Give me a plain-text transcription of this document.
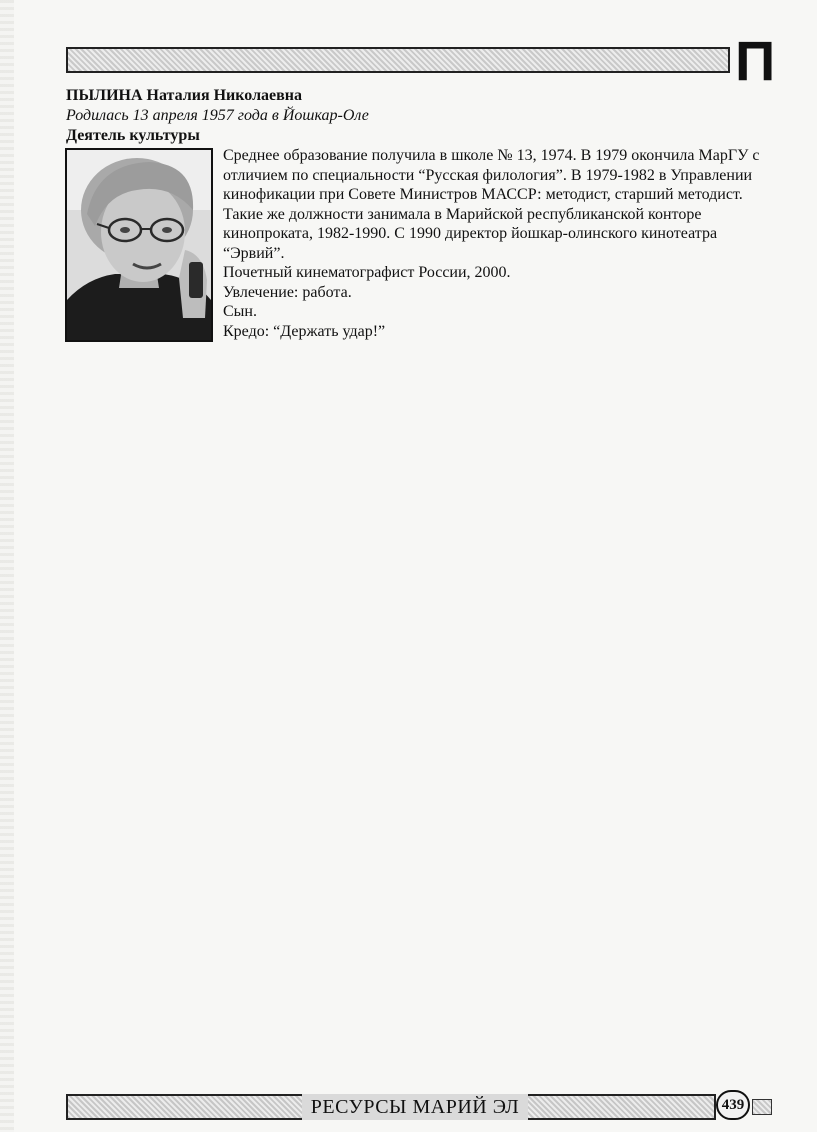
П
ПЫЛИНА Наталия Николаевна
Родилась 13 апреля 1957 года в Йошкар-Оле
Деятель культуры

Среднее образование получила в школе № 13, 1974. В 1979 окончила МарГУ с отличием по специальности “Русская филология”. В 1979-1982 в Управлении кинофикации при Совете Министров МАССР: методист, старший методист. Такие же должности занимала в Марийской республиканской конторе кинопроката, 1982-1990. С 1990 директор йошкар-олинского кинотеатра “Эрвий”.

Почетный кинематографист России, 2000.

Увлечение: работа.

Сын.

Кредо: “Держать удар!”

РЕСУРСЫ МАРИЙ ЭЛ	439
